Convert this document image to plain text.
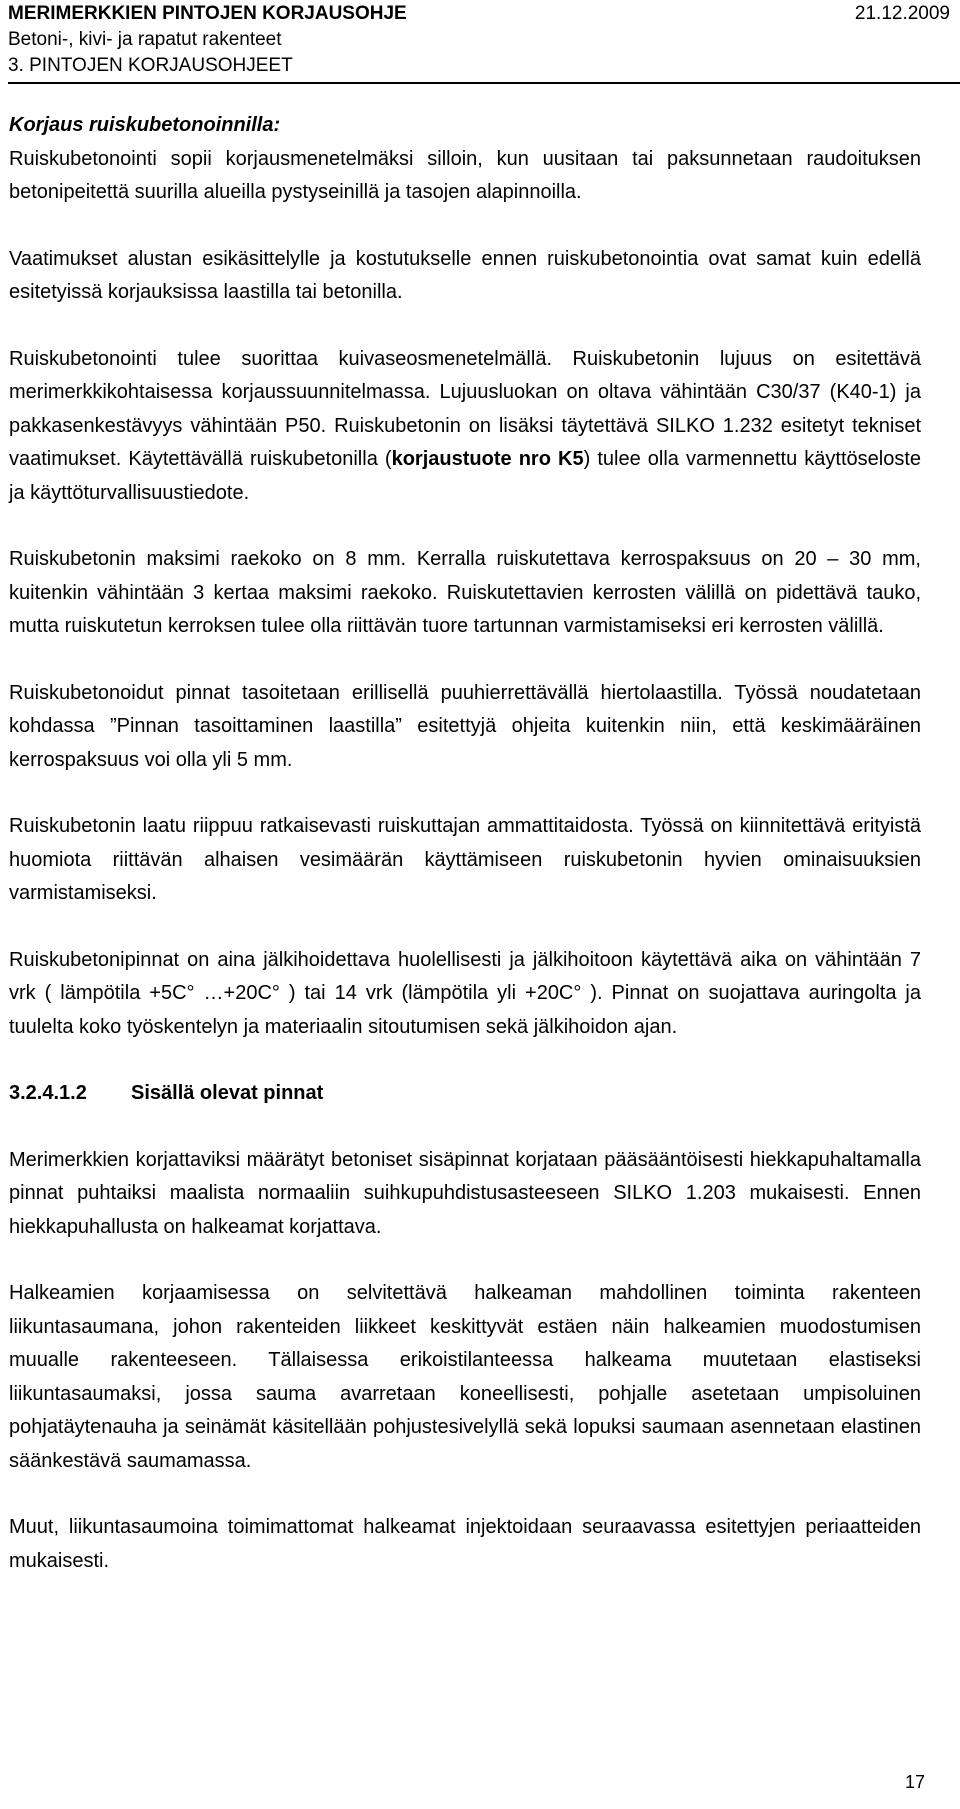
MERIMERKKIEN PINTOJEN KORJAUSOHJE	21.12.2009
Betoni-, kivi- ja rapatut rakenteet
3. PINTOJEN KORJAUSOHJEET

Korjaus ruiskubetonoinnilla:

Ruiskubetonointi sopii korjausmenetelmäksi silloin, kun uusitaan tai paksunnetaan raudoituksen betonipeitettä suurilla alueilla pystyseinillä ja tasojen alapinnoilla.

Vaatimukset alustan esikäsittelylle ja kostutukselle ennen ruiskubetonointia ovat samat kuin edellä esitetyissä korjauksissa laastilla tai betonilla.

Ruiskubetonointi tulee suorittaa kuivaseosmenetelmällä. Ruiskubetonin lujuus on esitettävä merimerkkikohtaisessa korjaussuunnitelmassa. Lujuusluokan on oltava vähintään C30/37 (K40-1) ja pakkasenkestävyys vähintään P50. Ruiskubetonin on lisäksi täytettävä SILKO 1.232 esitetyt tekniset vaatimukset. Käytettävällä ruiskubetonilla (korjaustuote nro K5) tulee olla varmennettu käyttöseloste ja käyttöturvallisuustiedote.

Ruiskubetonin maksimi raekoko on 8 mm. Kerralla ruiskutettava kerrospaksuus on 20 – 30 mm, kuitenkin vähintään 3 kertaa maksimi raekoko. Ruiskutettavien kerrosten välillä on pidettävä tauko, mutta ruiskutetun kerroksen tulee olla riittävän tuore tartunnan varmistamiseksi eri kerrosten välillä.

Ruiskubetonoidut pinnat tasoitetaan erillisellä puuhierrettävällä hiertolaastilla. Työssä noudatetaan kohdassa ”Pinnan tasoittaminen laastilla” esitettyjä ohjeita kuitenkin niin, että keskimääräinen kerrospaksuus voi olla yli 5 mm.

Ruiskubetonin laatu riippuu ratkaisevasti ruiskuttajan ammattitaidosta. Työssä on kiinnitettävä erityistä huomiota riittävän alhaisen vesimäärän käyttämiseen ruiskubetonin hyvien ominaisuuksien varmistamiseksi.

Ruiskubetonipinnat on aina jälkihoidettava huolellisesti ja jälkihoitoon käytettävä aika on vähintään 7 vrk ( lämpötila +5C° …+20C° ) tai 14 vrk (lämpötila yli +20C° ). Pinnat on suojattava auringolta ja tuulelta koko työskentelyn ja materiaalin sitoutumisen sekä jälkihoidon ajan.

3.2.4.1.2 Sisällä olevat pinnat

Merimerkkien korjattaviksi määrätyt betoniset sisäpinnat korjataan pääsääntöisesti hiekkapuhaltamalla pinnat puhtaiksi maalista normaaliin suihkupuhdistusasteeseen SILKO 1.203 mukaisesti. Ennen hiekkapuhallusta on halkeamat korjattava.

Halkeamien korjaamisessa on selvitettävä halkeaman mahdollinen toiminta rakenteen liikuntasaumana, johon rakenteiden liikkeet keskittyvät estäen näin halkeamien muodostumisen muualle rakenteeseen. Tällaisessa erikoistilanteessa halkeama muutetaan elastiseksi liikuntasaumaksi, jossa sauma avarretaan koneellisesti, pohjalle asetetaan umpisoluinen pohjatäytenauha ja seinämät käsitellään pohjustesivelyllä sekä lopuksi saumaan asennetaan elastinen säänkestävä saumamassa.

Muut, liikuntasaumoina toimimattomat halkeamat injektoidaan seuraavassa esitettyjen periaatteiden mukaisesti.

17
